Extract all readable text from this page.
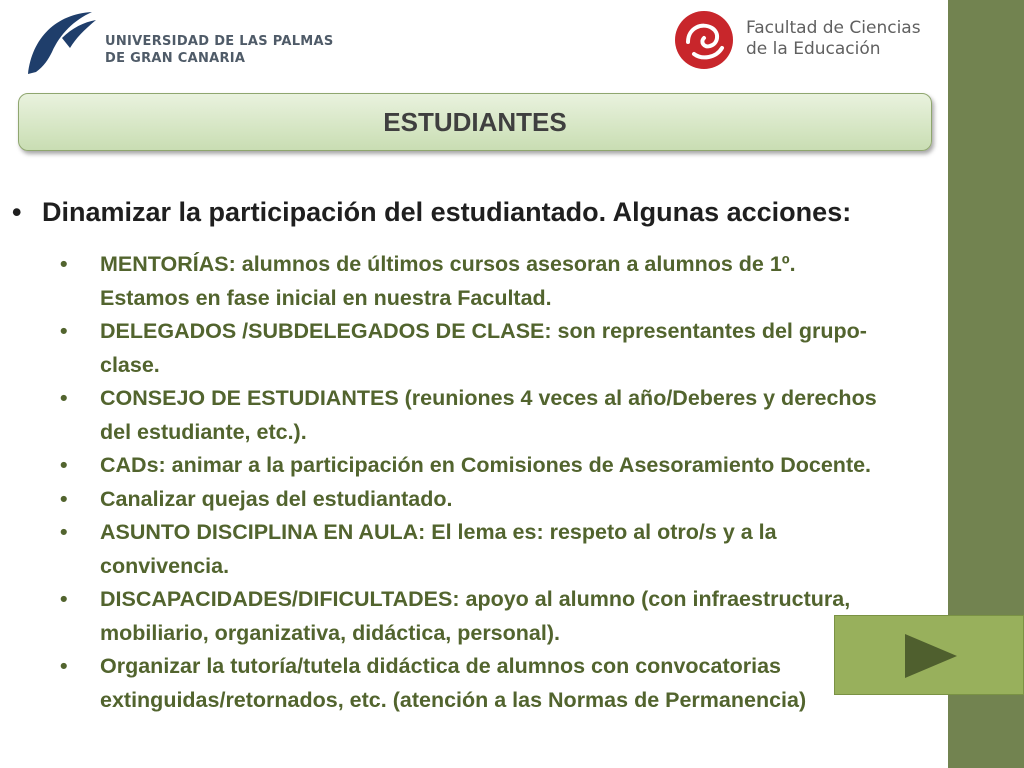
UNIVERSIDAD DE LAS PALMAS
DE GRAN CANARIA
Facultad de Ciencias
de la Educación
ESTUDIANTES
• Dinamizar la participación del estudiantado. Algunas acciones:
• MENTORÍAS: alumnos de últimos cursos asesoran a alumnos de 1º. Estamos en fase inicial en nuestra Facultad.
• DELEGADOS /SUBDELEGADOS DE CLASE: son representantes del grupo-clase.
• CONSEJO DE ESTUDIANTES (reuniones 4 veces al año/Deberes y derechos del estudiante, etc.).
• CADs: animar a la participación en Comisiones de Asesoramiento Docente.
• Canalizar quejas del estudiantado.
• ASUNTO DISCIPLINA EN AULA: El lema es: respeto al otro/s y a la convivencia.
• DISCAPACIDADES/DIFICULTADES: apoyo al alumno (con infraestructura, mobiliario, organizativa, didáctica, personal).
• Organizar la tutoría/tutela didáctica de alumnos con convocatorias extinguidas/retornados, etc. (atención a las Normas de Permanencia)
